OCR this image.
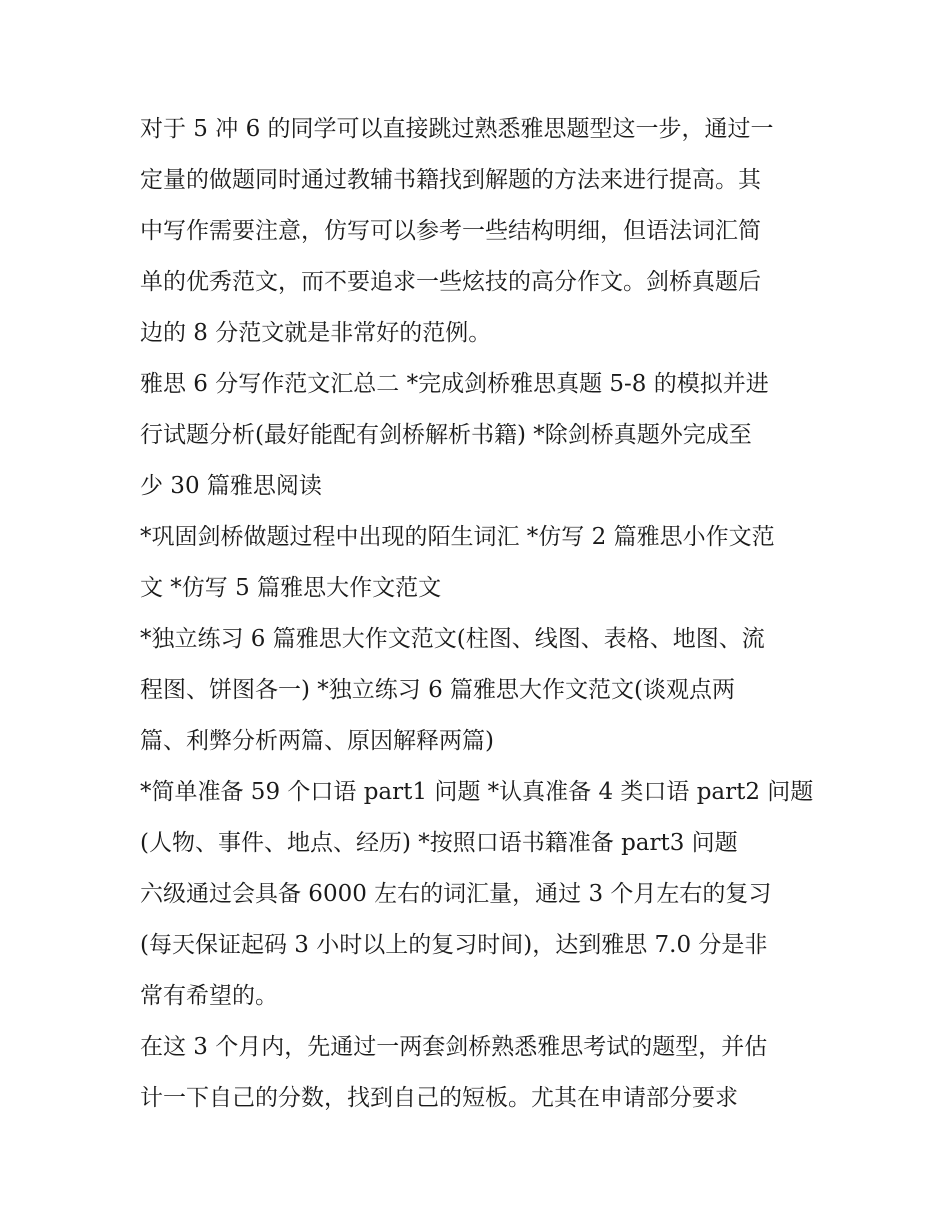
对于 5 冲 6 的同学可以直接跳过熟悉雅思题型这一步，通过一
定量的做题同时通过教辅书籍找到解题的方法来进行提高。其
中写作需要注意，仿写可以参考一些结构明细，但语法词汇简
单的优秀范文，而不要追求一些炫技的高分作文。剑桥真题后
边的 8 分范文就是非常好的范例。
雅思 6 分写作范文汇总二 *完成剑桥雅思真题 5-8 的模拟并进
行试题分析(最好能配有剑桥解析书籍) *除剑桥真题外完成至
少 30 篇雅思阅读
*巩固剑桥做题过程中出现的陌生词汇 *仿写 2 篇雅思小作文范
文 *仿写 5 篇雅思大作文范文
*独立练习 6 篇雅思大作文范文(柱图、线图、表格、地图、流
程图、饼图各一) *独立练习 6 篇雅思大作文范文(谈观点两
篇、利弊分析两篇、原因解释两篇)
*简单准备 59 个口语 part1 问题 *认真准备 4 类口语 part2 问题
(人物、事件、地点、经历) *按照口语书籍准备 part3 问题
六级通过会具备 6000 左右的词汇量，通过 3 个月左右的复习
(每天保证起码 3 小时以上的复习时间)，达到雅思 7.0 分是非
常有希望的。
在这 3 个月内，先通过一两套剑桥熟悉雅思考试的题型，并估
计一下自己的分数，找到自己的短板。尤其在申请部分要求
